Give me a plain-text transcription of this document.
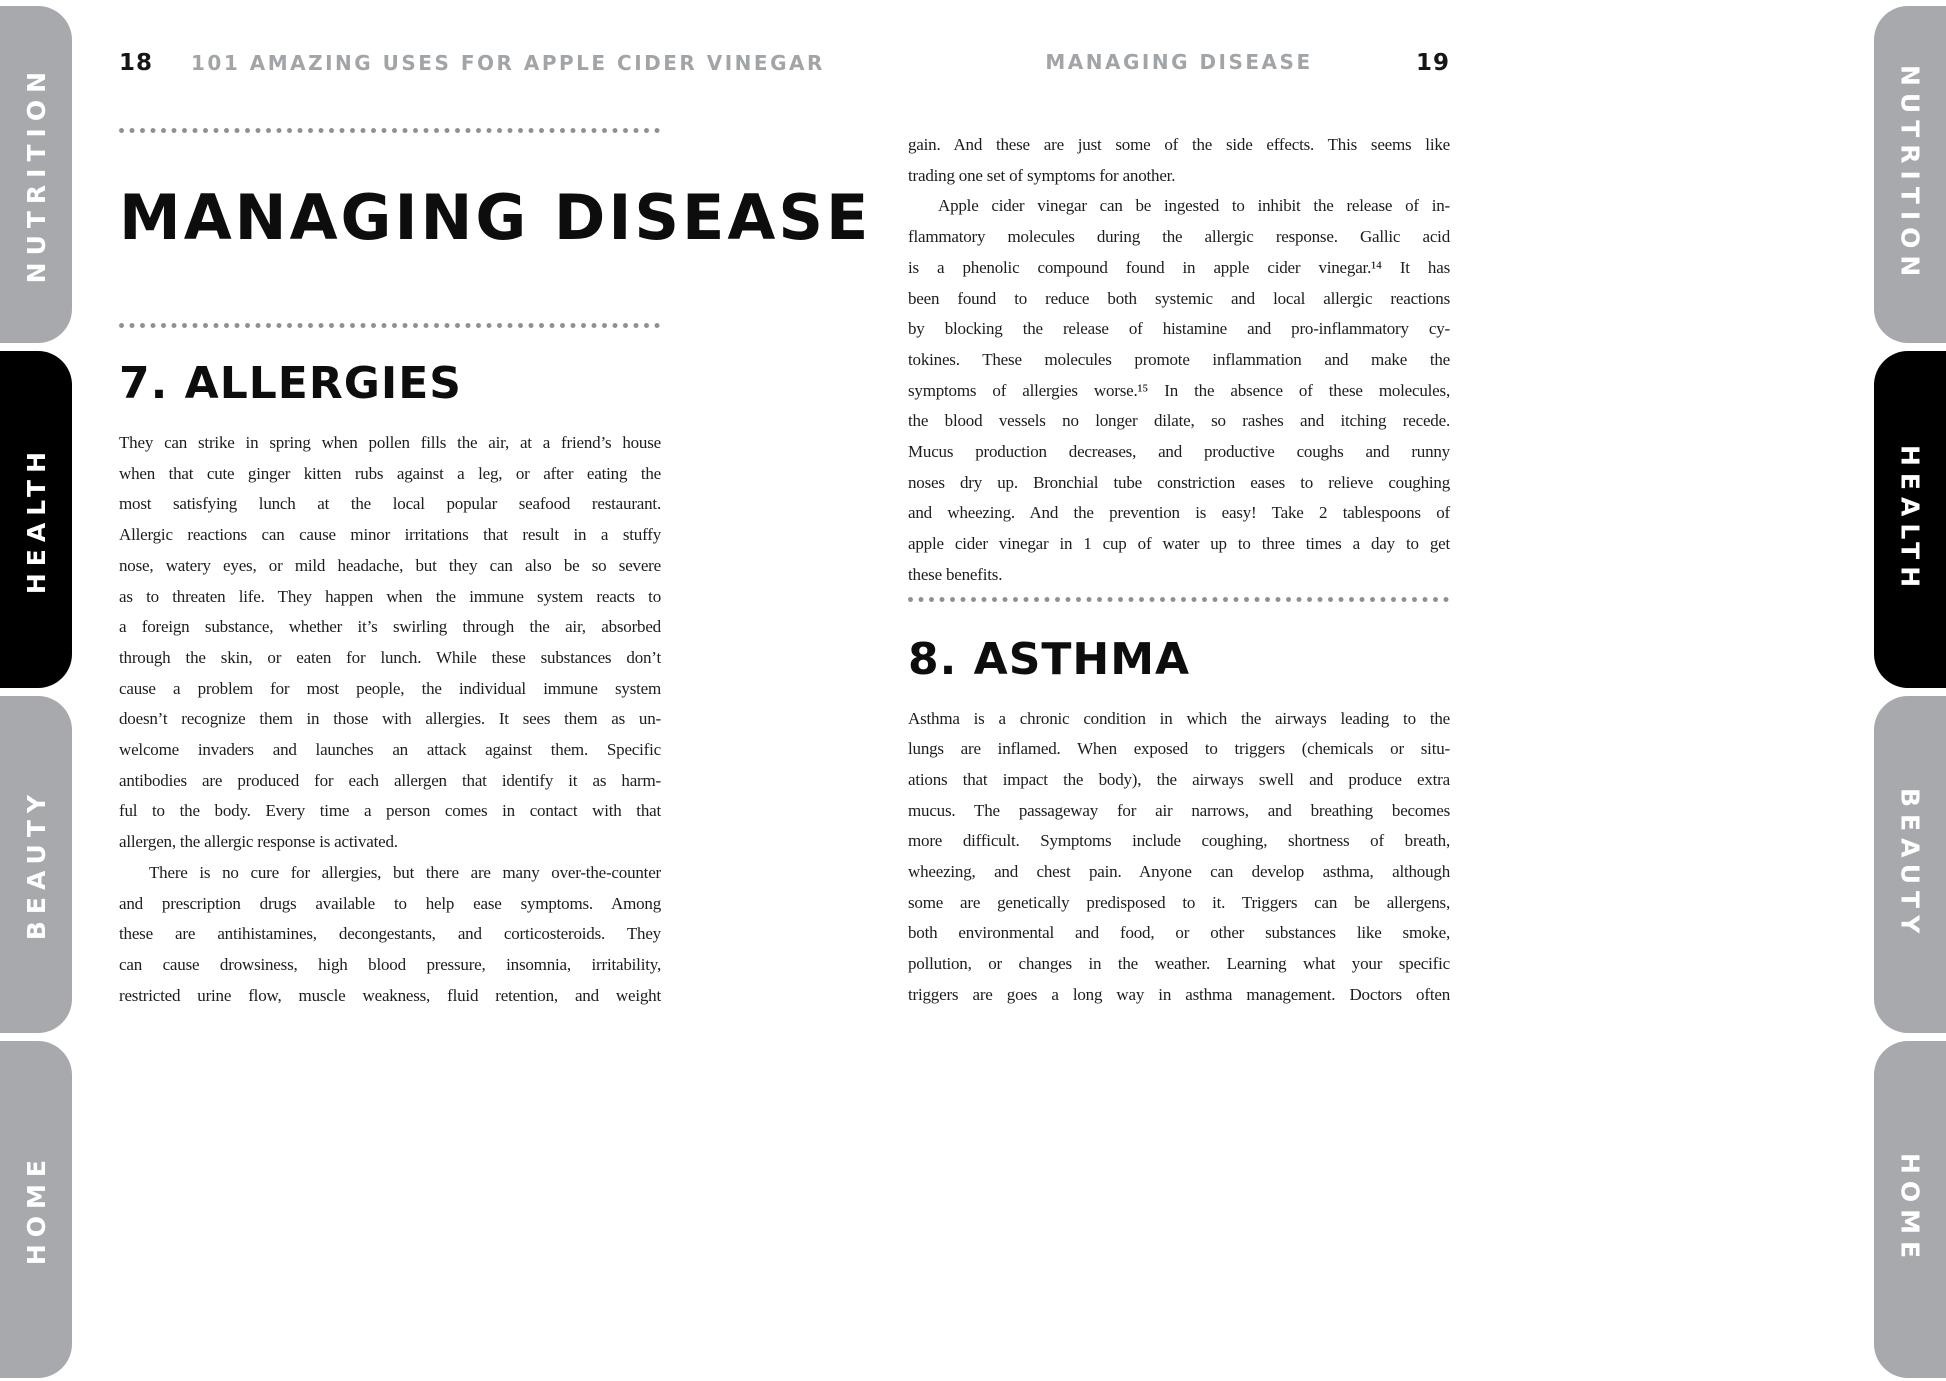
NUTRITION
HEALTH
BEAUTY
HOME
NUTRITION
HEALTH
BEAUTY
HOME
18 101 AMAZING USES FOR APPLE CIDER VINEGAR
MANAGING DISEASE
7. ALLERGIES
They can strike in spring when pollen fills the air, at a friend’s house
when that cute ginger kitten rubs against a leg, or after eating the
most satisfying lunch at the local popular seafood restaurant.
Allergic reactions can cause minor irritations that result in a stuffy
nose, watery eyes, or mild headache, but they can also be so severe
as to threaten life. They happen when the immune system reacts to
a foreign substance, whether it’s swirling through the air, absorbed
through the skin, or eaten for lunch. While these substances don’t
cause a problem for most people, the individual immune system
doesn’t recognize them in those with allergies. It sees them as un-
welcome invaders and launches an attack against them. Specific
antibodies are produced for each allergen that identify it as harm-
ful to the body. Every time a person comes in contact with that
allergen, the allergic response is activated.
There is no cure for allergies, but there are many over-the-counter
and prescription drugs available to help ease symptoms. Among
these are antihistamines, decongestants, and corticosteroids. They
can cause drowsiness, high blood pressure, insomnia, irritability,
restricted urine flow, muscle weakness, fluid retention, and weight
MANAGING DISEASE	19
gain. And these are just some of the side effects. This seems like
trading one set of symptoms for another.
Apple cider vinegar can be ingested to inhibit the release of in-
flammatory molecules during the allergic response. Gallic acid
is a phenolic compound found in apple cider vinegar.¹⁴ It has
been found to reduce both systemic and local allergic reactions
by blocking the release of histamine and pro-inflammatory cy-
tokines. These molecules promote inflammation and make the
symptoms of allergies worse.¹⁵ In the absence of these molecules,
the blood vessels no longer dilate, so rashes and itching recede.
Mucus production decreases, and productive coughs and runny
noses dry up. Bronchial tube constriction eases to relieve coughing
and wheezing. And the prevention is easy! Take 2 tablespoons of
apple cider vinegar in 1 cup of water up to three times a day to get
these benefits.
8. ASTHMA
Asthma is a chronic condition in which the airways leading to the
lungs are inflamed. When exposed to triggers (chemicals or situ-
ations that impact the body), the airways swell and produce extra
mucus. The passageway for air narrows, and breathing becomes
more difficult. Symptoms include coughing, shortness of breath,
wheezing, and chest pain. Anyone can develop asthma, although
some are genetically predisposed to it. Triggers can be allergens,
both environmental and food, or other substances like smoke,
pollution, or changes in the weather. Learning what your specific
triggers are goes a long way in asthma management. Doctors often
